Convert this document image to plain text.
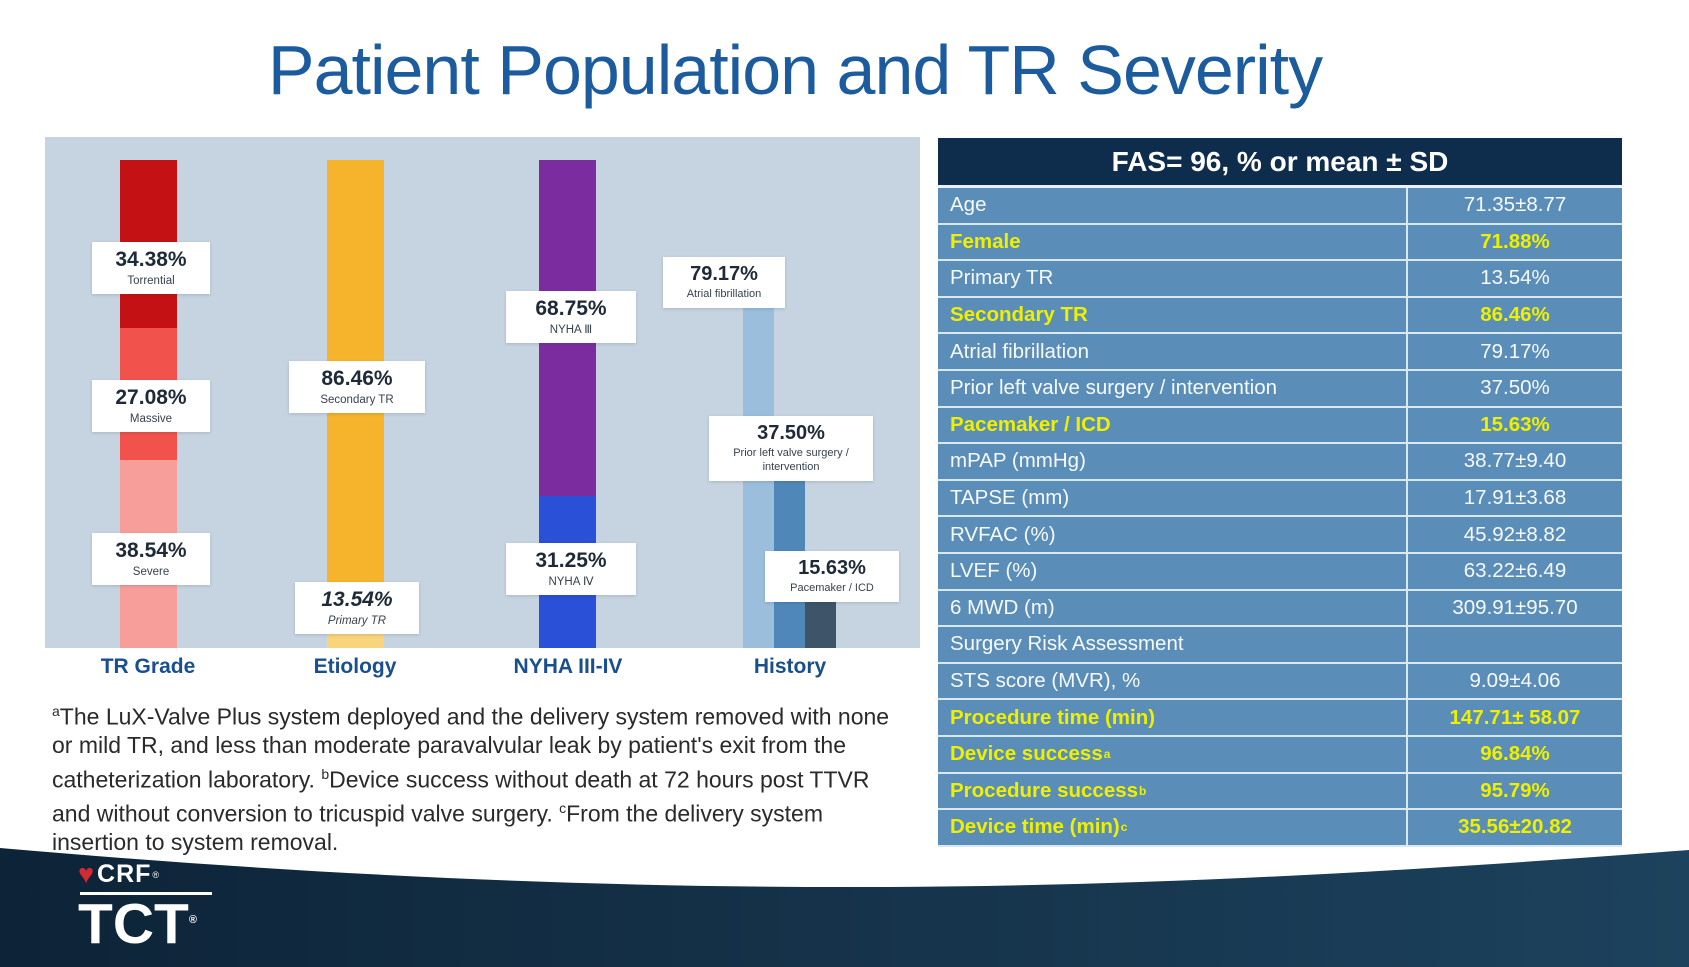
Patient Population and TR Severity
34.38%
Torrential
27.08%
Massive
38.54%
Severe
86.46%
Secondary TR
13.54%
Primary TR
68.75%
NYHA Ⅲ
31.25%
NYHA Ⅳ
79.17%
Atrial fibrillation
37.50%
Prior left valve surgery / intervention
15.63%
Pacemaker / ICD
TR Grade	Etiology	NYHA III-IV	History
FAS= 96, % or mean ± SD
Age	71.35±8.77
Female	71.88%
Primary TR	13.54%
Secondary TR	86.46%
Atrial fibrillation	79.17%
Prior left valve surgery / intervention	37.50%
Pacemaker / ICD	15.63%
mPAP (mmHg)	38.77±9.40
TAPSE (mm)	17.91±3.68
RVFAC (%)	45.92±8.82
LVEF (%)	63.22±6.49
6 MWD (m)	309.91±95.70
Surgery Risk Assessment
STS score (MVR), %	9.09±4.06
Procedure time (min)	147.71± 58.07
Device success a	96.84%
Procedure success b	95.79%
Device time (min) c	35.56±20.82
$^a$The LuX-Valve Plus system deployed and the delivery system removed with none or mild TR, and less than moderate paravalvular leak by patient's exit from the catheterization laboratory. $^b$Device success without death at 72 hours post TTVR and without conversion to tricuspid valve surgery. $^c$From the delivery system insertion to system removal.
♥ CRF ®
TCT®
